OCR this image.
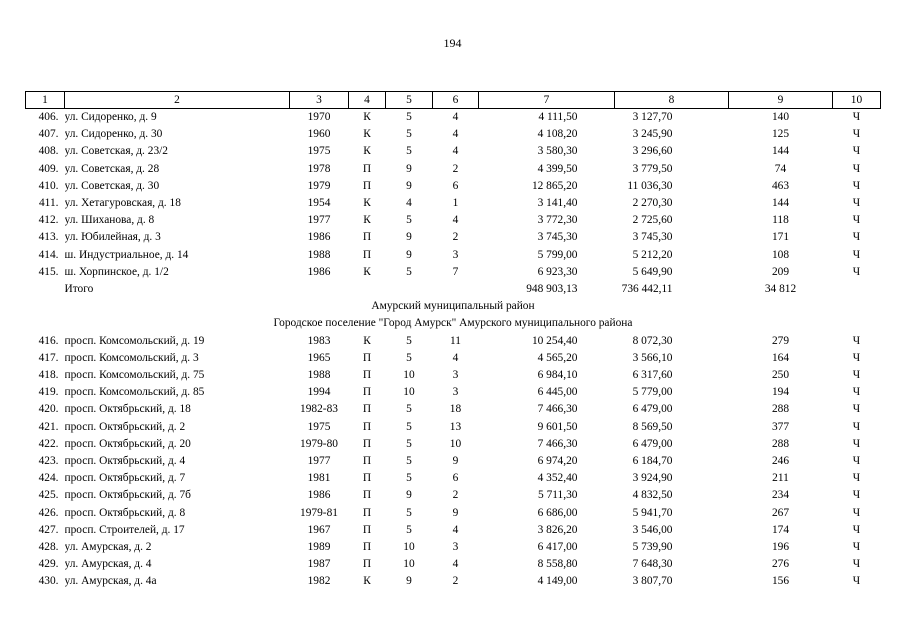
194
1	2	3	4	5	6	7	8	9	10
406.	ул. Сидоренко, д. 9	1970	К	5	4	4 111,50	3 127,70	140	Ч
407.	ул. Сидоренко, д. 30	1960	К	5	4	4 108,20	3 245,90	125	Ч
408.	ул. Советская, д. 23/2	1975	К	5	4	3 580,30	3 296,60	144	Ч
409.	ул. Советская, д. 28	1978	П	9	2	4 399,50	3 779,50	74	Ч
410.	ул. Советская, д. 30	1979	П	9	6	12 865,20	11 036,30	463	Ч
411.	ул. Хетагуровская, д. 18	1954	К	4	1	3 141,40	2 270,30	144	Ч
412.	ул. Шиханова, д. 8	1977	К	5	4	3 772,30	2 725,60	118	Ч
413.	ул. Юбилейная, д. 3	1986	П	9	2	3 745,30	3 745,30	171	Ч
414.	ш. Индустриальное, д. 14	1988	П	9	3	5 799,00	5 212,20	108	Ч
415.	ш. Хорпинское, д. 1/2	1986	К	5	7	6 923,30	5 649,90	209	Ч
	Итого					948 903,13	736 442,11	34 812	
Амурский муниципальный район									
Городское поселение "Город Амурск" Амурского муниципального района									
416.	просп. Комсомольский, д. 19	1983	К	5	11	10 254,40	8 072,30	279	Ч
417.	просп. Комсомольский, д. 3	1965	П	5	4	4 565,20	3 566,10	164	Ч
418.	просп. Комсомольский, д. 75	1988	П	10	3	6 984,10	6 317,60	250	Ч
419.	просп. Комсомольский, д. 85	1994	П	10	3	6 445,00	5 779,00	194	Ч
420.	просп. Октябрьский, д. 18	1982-83	П	5	18	7 466,30	6 479,00	288	Ч
421.	просп. Октябрьский, д. 2	1975	П	5	13	9 601,50	8 569,50	377	Ч
422.	просп. Октябрьский, д. 20	1979-80	П	5	10	7 466,30	6 479,00	288	Ч
423.	просп. Октябрьский, д. 4	1977	П	5	9	6 974,20	6 184,70	246	Ч
424.	просп. Октябрьский, д. 7	1981	П	5	6	4 352,40	3 924,90	211	Ч
425.	просп. Октябрьский, д. 7б	1986	П	9	2	5 711,30	4 832,50	234	Ч
426.	просп. Октябрьский, д. 8	1979-81	П	5	9	6 686,00	5 941,70	267	Ч
427.	просп. Строителей, д. 17	1967	П	5	4	3 826,20	3 546,00	174	Ч
428.	ул. Амурская, д. 2	1989	П	10	3	6 417,00	5 739,90	196	Ч
429.	ул. Амурская, д. 4	1987	П	10	4	8 558,80	7 648,30	276	Ч
430.	ул. Амурская, д. 4а	1982	К	9	2	4 149,00	3 807,70	156	Ч
